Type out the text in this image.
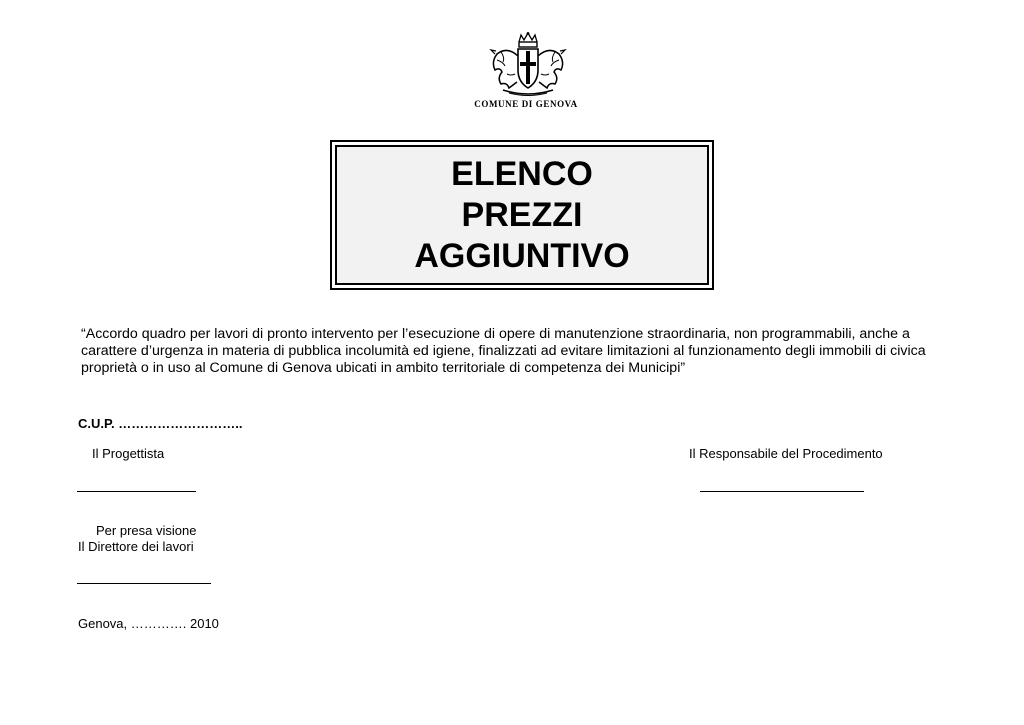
COMUNE DI GENOVA
ELENCO
PREZZI
AGGIUNTIVO
“Accordo quadro per lavori di pronto intervento per l’esecuzione di opere di manutenzione straordinaria, non programmabili, anche a carattere d’urgenza in materia di pubblica incolumità ed igiene, finalizzati ad evitare limitazioni al funzionamento degli immobili di civica proprietà o in uso al Comune di Genova ubicati in ambito territoriale di competenza dei Municipi”
C.U.P. ………………………..
Il Progettista	Il Responsabile del Procedimento
Per presa visione
Il Direttore dei lavori
Genova, …………. 2010
